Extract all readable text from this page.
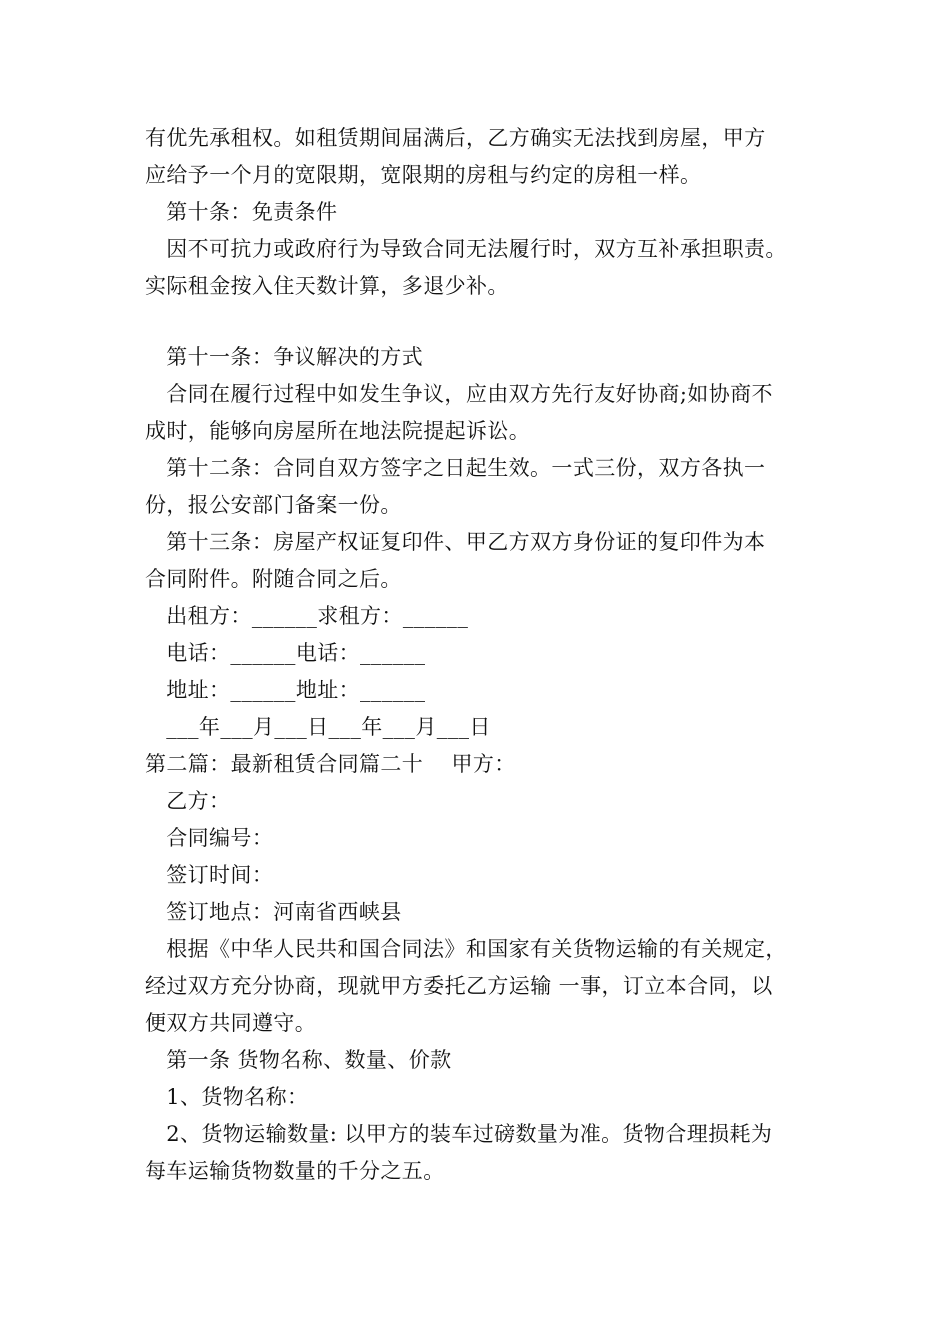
有优先承租权。如租赁期间届满后，乙方确实无法找到房屋，甲方
应给予一个月的宽限期，宽限期的房租与约定的房租一样。
第十条：免责条件
因不可抗力或政府行为导致合同无法履行时，双方互补承担职责。
实际租金按入住天数计算，多退少补。
第十一条：争议解决的方式
合同在履行过程中如发生争议，应由双方先行友好协商;如协商不
成时，能够向房屋所在地法院提起诉讼。
第十二条：合同自双方签字之日起生效。一式三份，双方各执一
份，报公安部门备案一份。
第十三条：房屋产权证复印件、甲乙方双方身份证的复印件为本
合同附件。附随合同之后。
出租方：______求租方：______
电话：______电话：______
地址：______地址：______
___年___月___日___年___月___日
第二篇：最新租赁合同篇二十    甲方：
乙方：
合同编号：
签订时间：
签订地点：河南省西峡县
根据《中华人民共和国合同法》和国家有关货物运输的有关规定，
经过双方充分协商，现就甲方委托乙方运输 一事，订立本合同，以
便双方共同遵守。
第一条 货物名称、数量、价款
1、货物名称：
2、货物运输数量: 以甲方的装车过磅数量为准。货物合理损耗为
每车运输货物数量的千分之五。
